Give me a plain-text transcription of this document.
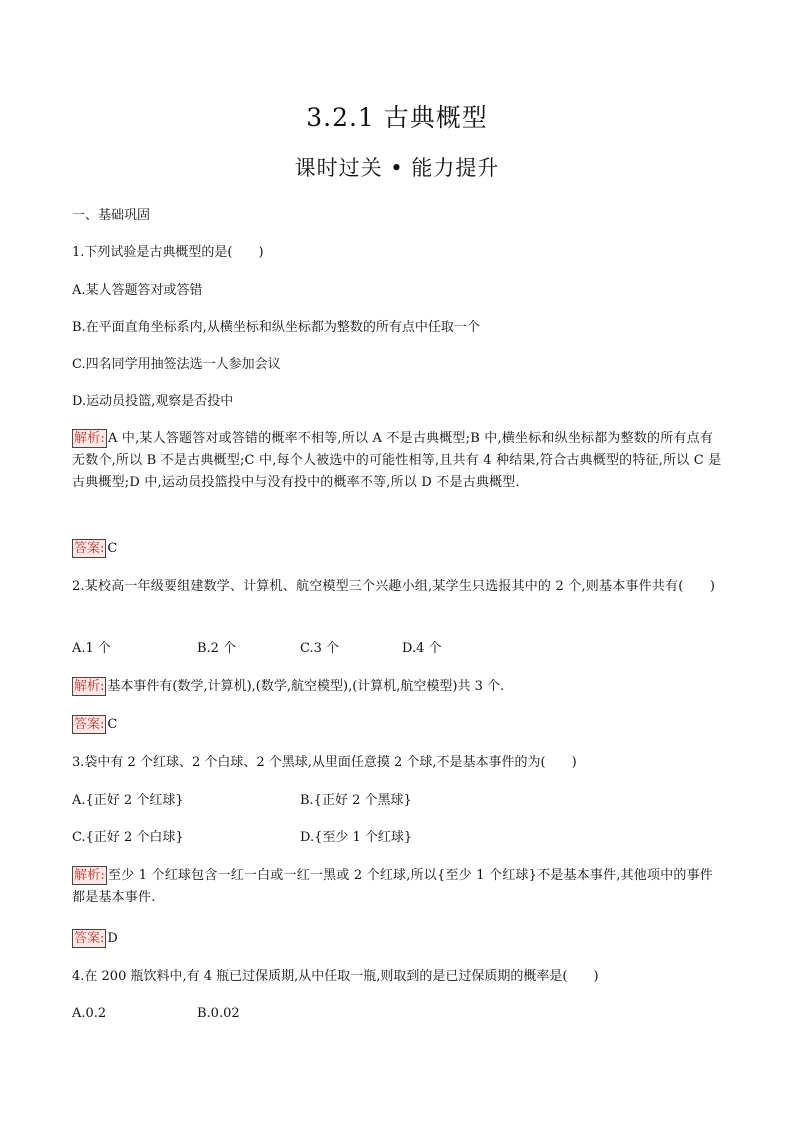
3.2.1 古典概型
课时过关 • 能力提升
一、基础巩固
1.下列试验是古典概型的是(　　)
A.某人答题答对或答错
B.在平面直角坐标系内,从横坐标和纵坐标都为整数的所有点中任取一个
C.四名同学用抽签法选一人参加会议
D.运动员投篮,观察是否投中
解析: A 中,某人答题答对或答错的概率不相等,所以 A 不是古典概型;B 中,横坐标和纵坐标都为整数的所有点有无数个,所以 B 不是古典概型;C 中,每个人被选中的可能性相等,且共有 4 种结果,符合古典概型的特征,所以 C 是古典概型;D 中,运动员投篮投中与没有投中的概率不等,所以 D 不是古典概型.
答案: C
2.某校高一年级要组建数学、计算机、航空模型三个兴趣小组,某学生只选报其中的 2 个,则基本事件共有(　　)
A.1 个	B.2 个	C.3 个	D.4 个
解析: 基本事件有(数学,计算机),(数学,航空模型),(计算机,航空模型)共 3 个.
答案: C
3.袋中有 2 个红球、2 个白球、2 个黑球,从里面任意摸 2 个球,不是基本事件的为(　　)
A.{正好 2 个红球}	B.{正好 2 个黑球}
C.{正好 2 个白球}	D.{至少 1 个红球}
解析: 至少 1 个红球包含一红一白或一红一黑或 2 个红球,所以{至少 1 个红球}不是基本事件,其他项中的事件都是基本事件.
答案: D
4.在 200 瓶饮料中,有 4 瓶已过保质期,从中任取一瓶,则取到的是已过保质期的概率是(　　)
A.0.2	B.0.02
